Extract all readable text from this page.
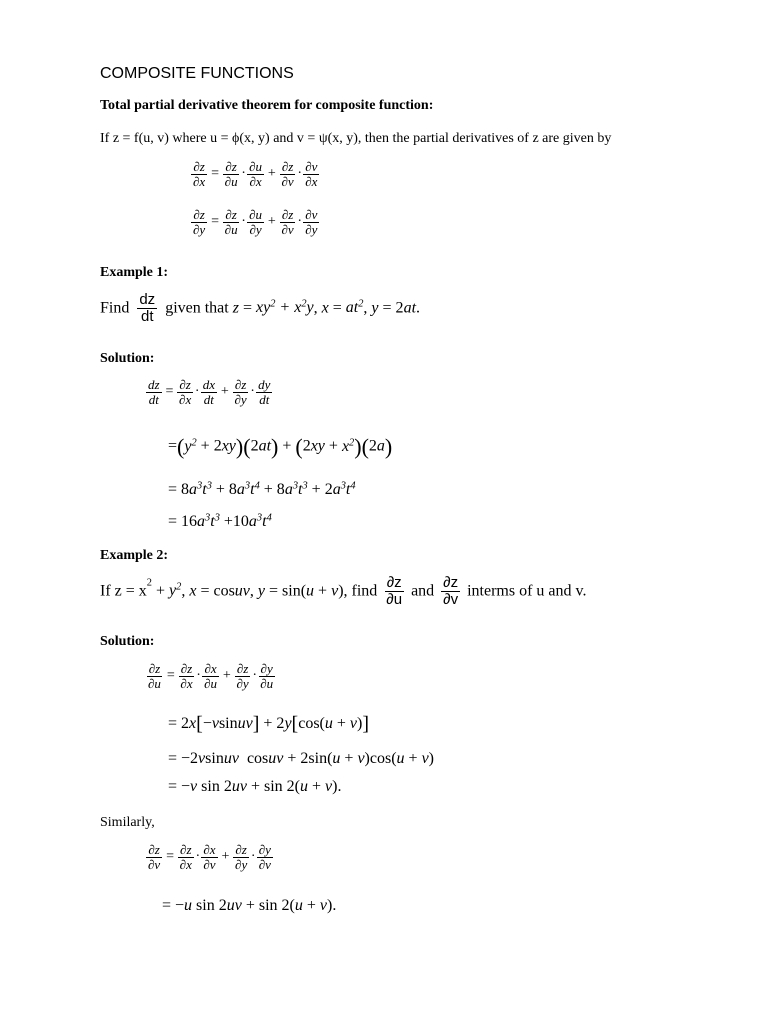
COMPOSITE FUNCTIONS
Total partial derivative theorem for composite function:
If z = f(u, v) where u = ϕ(x, y) and v = ψ(x, y), then the partial derivatives of z are given by
$\frac{\partial z}{\partial x} = \frac{\partial z}{\partial u} \cdot \frac{\partial u}{\partial x} + \frac{\partial z}{\partial v} \cdot \frac{\partial v}{\partial x}$
$\frac{\partial z}{\partial y} = \frac{\partial z}{\partial u} \cdot \frac{\partial u}{\partial y} + \frac{\partial z}{\partial v} \cdot \frac{\partial v}{\partial y}$
Example 1:
Find $\frac{dz}{dt}$ given that $z = xy^2 + x^2y$, $x = at^2$, y = 2at.
Solution:
$\frac{dz}{dt} = \frac{\partial z}{\partial x} \cdot \frac{dx}{dt} + \frac{\partial z}{\partial y} \cdot \frac{dy}{dt}$
$=(y^2 + 2xy)(2at) + (2xy + x^2)(2a)$
= $8a^3t^3 + 8a^3t^4 + 8a^3t^3 + 2a^3t^4$
= $16a^3t^3 +10a^3t^4$
Example 2:
If $z = x^2 + y^2$, x = cosuv, y = sin(u + v), find $\frac{\partial z}{\partial u}$ and $\frac{\partial z}{\partial v}$ interms of u and v.
Solution:
$\frac{\partial z}{\partial u} = \frac{\partial z}{\partial x} \cdot \frac{\partial x}{\partial u} + \frac{\partial z}{\partial y} \cdot \frac{\partial y}{\partial u}$
= 2x[−vsinuv] + 2y[cos(u + v)]
= −2vsinuv  cosuv + 2sin(u + v)cos(u + v)
= −v sin 2uv + sin 2(u + v).
Similarly,
$\frac{\partial z}{\partial v} = \frac{\partial z}{\partial x} \cdot \frac{\partial x}{\partial v} + \frac{\partial z}{\partial y} \cdot \frac{\partial y}{\partial v}$
= −u sin 2uv + sin 2(u + v).
